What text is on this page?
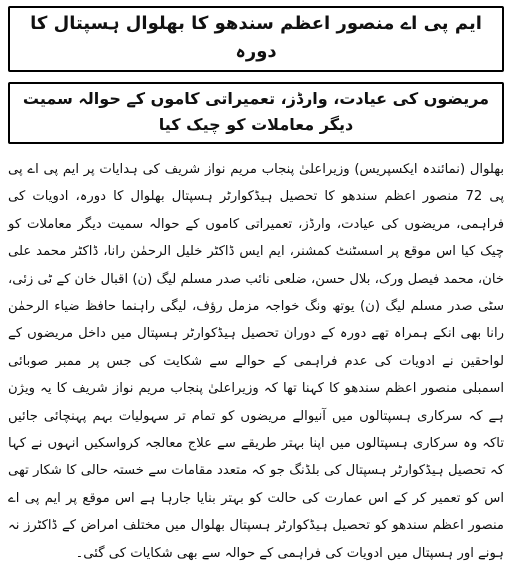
ایم پی اے منصور اعظم سندھو کا بھلوال ہسپتال کا دورہ
مریضوں کی عیادت، وارڈز، تعمیراتی کاموں کے حوالہ سمیت دیگر معاملات کو چیک کیا

بھلوال (نمائندہ ایکسپریس) وزیراعلیٰ پنجاب مریم نواز شریف کی ہدایات پر ایم پی اے پی پی 72 منصور اعظم سندھو کا تحصیل ہیڈکوارٹر ہسپتال بھلوال کا دورہ، ادویات کی فراہمی، مریضوں کی عیادت، وارڈز، تعمیراتی کاموں کے حوالہ سمیت دیگر معاملات کو چیک کیا اس موقع پر اسسٹنٹ کمشنر، ایم ایس ڈاکٹر خلیل الرحمٰن رانا، ڈاکٹر محمد علی خان، محمد فیصل ورک، بلال حسن، ضلعی نائب صدر مسلم لیگ (ن) اقبال خان کے ٹی زئی، سٹی صدر مسلم لیگ (ن) یوتھ ونگ خواجہ مزمل رؤف، لیگی راہنما حافظ ضیاء الرحمٰن رانا بھی انکے ہمراہ تھے دورہ کے دوران تحصیل ہیڈکوارٹر ہسپتال میں داخل مریضوں کے لواحقین نے ادویات کی عدم فراہمی کے حوالے سے شکایت کی جس پر ممبر صوبائی اسمبلی منصور اعظم سندھو کا کہنا تھا کہ وزیراعلیٰ پنجاب مریم نواز شریف کا یہ ویژن ہے کہ سرکاری ہسپتالوں میں آنیوالے مریضوں کو تمام تر سہولیات بہم پہنچائی جائیں تاکہ وہ سرکاری ہسپتالوں میں اپنا بہتر طریقے سے علاج معالجہ کرواسکیں انہوں نے کہا کہ تحصیل ہیڈکوارٹر ہسپتال کی بلڈنگ جو کہ متعدد مقامات سے خستہ حالی کا شکار تھی اس کو تعمیر کر کے اس عمارت کی حالت کو بہتر بنایا جارہا ہے اس موقع پر ایم پی اے منصور اعظم سندھو کو تحصیل ہیڈکوارٹر ہسپتال بھلوال میں مختلف امراض کے ڈاکٹرز نہ ہونے اور ہسپتال میں ادویات کی فراہمی کے حوالہ سے بھی شکایات کی گئی۔
